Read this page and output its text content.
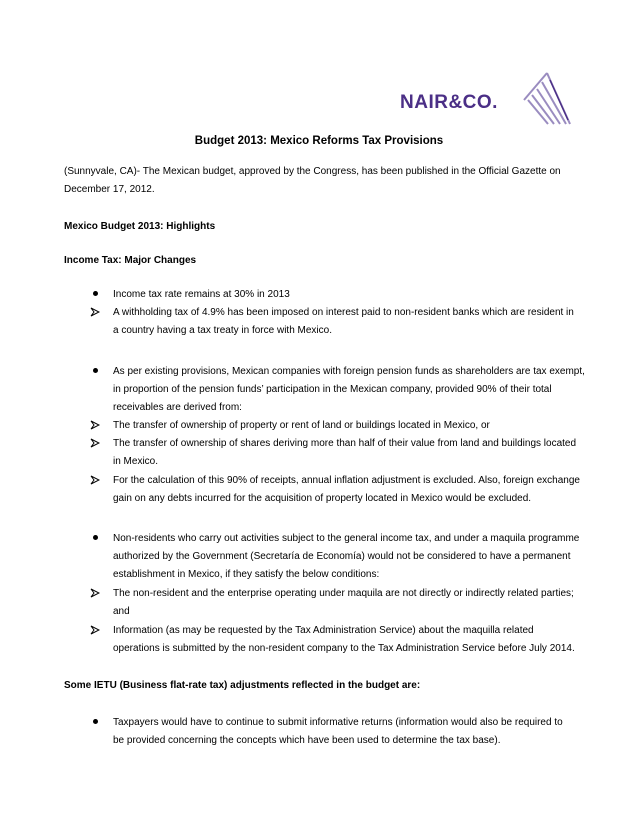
NAIR&CO.
Budget 2013: Mexico Reforms Tax Provisions
(Sunnyvale, CA)- The Mexican budget, approved by the Congress, has been published in the Official Gazette on
December 17, 2012.
Mexico Budget 2013: Highlights
Income Tax: Major Changes
Income tax rate remains at 30% in 2013
A withholding tax of 4.9% has been imposed on interest paid to non-resident banks which are resident in
a country having a tax treaty in force with Mexico.
As per existing provisions, Mexican companies with foreign pension funds as shareholders are tax exempt,
in proportion of the pension funds’ participation in the Mexican company, provided 90% of their total
receivables are derived from:
The transfer of ownership of property or rent of land or buildings located in Mexico, or
The transfer of ownership of shares deriving more than half of their value from land and buildings located
in Mexico.
For the calculation of this 90% of receipts, annual inflation adjustment is excluded. Also, foreign exchange
gain on any debts incurred for the acquisition of property located in Mexico would be excluded.
Non-residents who carry out activities subject to the general income tax, and under a maquila programme
authorized by the Government (Secretaría de Economía) would not be considered to have a permanent
establishment in Mexico, if they satisfy the below conditions:
The non-resident and the enterprise operating under maquila are not directly or indirectly related parties;
and
Information (as may be requested by the Tax Administration Service) about the maquilla related
operations is submitted by the non-resident company to the Tax Administration Service before July 2014.
Some IETU (Business flat-rate tax) adjustments reflected in the budget are:
Taxpayers would have to continue to submit informative returns (information would also be required to
be provided concerning the concepts which have been used to determine the tax base).
